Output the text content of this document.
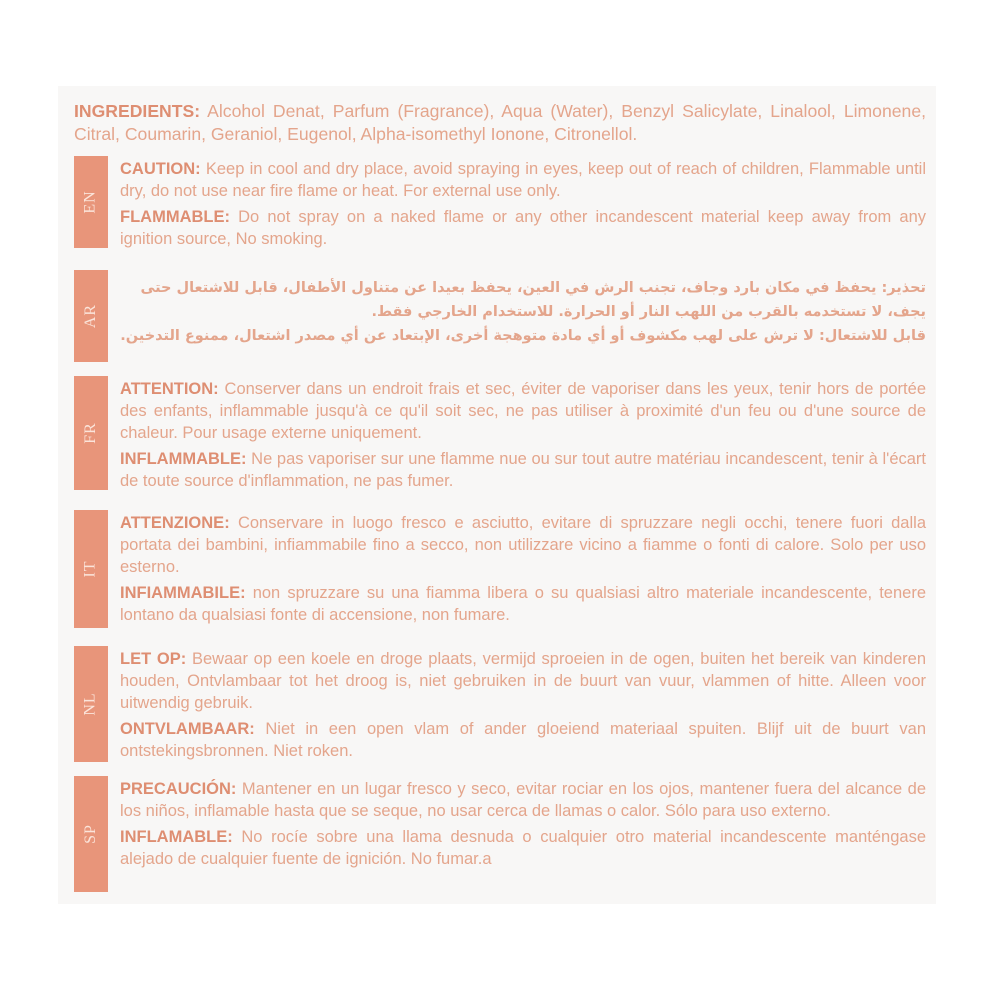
INGREDIENTS: Alcohol Denat, Parfum (Fragrance), Aqua (Water), Benzyl Salicylate, Linalool, Limonene, Citral, Coumarin, Geraniol, Eugenol, Alpha-isomethyl Ionone, Citronellol.
EN

CAUTION: Keep in cool and dry place, avoid spraying in eyes, keep out of reach of children, Flammable until dry, do not use near fire flame or heat. For external use only.

FLAMMABLE: Do not spray on a naked flame or any other incandescent material keep away from any ignition source, No smoking.

AR

تحذير: يحفظ في مكان بارد وجاف، تجنب الرش في العين، يحفظ بعيدا عن متناول الأطفال، قابل للاشتعال حتى يجف، لا تستخدمه بالقرب من اللهب النار أو الحرارة. للاستخدام الخارجي فقط.

قابل للاشتعال: لا ترش على لهب مكشوف أو أي مادة متوهجة أخرى، الإبتعاد عن أي مصدر اشتعال، ممنوع التدخين.

FR

ATTENTION: Conserver dans un endroit frais et sec, éviter de vaporiser dans les yeux, tenir hors de portée des enfants, inflammable jusqu'à ce qu'il soit sec, ne pas utiliser à proximité d'un feu ou d'une source de chaleur. Pour usage externe uniquement.

INFLAMMABLE: Ne pas vaporiser sur une flamme nue ou sur tout autre matériau incandescent, tenir à l'écart de toute source d'inflammation, ne pas fumer.

IT

ATTENZIONE: Conservare in luogo fresco e asciutto, evitare di spruzzare negli occhi, tenere fuori dalla portata dei bambini, infiammabile fino a secco, non utilizzare vicino a fiamme o fonti di calore. Solo per uso esterno.

INFIAMMABILE: non spruzzare su una fiamma libera o su qualsiasi altro materiale incandescente, tenere lontano da qualsiasi fonte di accensione, non fumare.

NL

LET OP: Bewaar op een koele en droge plaats, vermijd sproeien in de ogen, buiten het bereik van kinderen houden, Ontvlambaar tot het droog is, niet gebruiken in de buurt van vuur, vlammen of hitte. Alleen voor uitwendig gebruik.

ONTVLAMBAAR: Niet in een open vlam of ander gloeiend materiaal spuiten. Blijf uit de buurt van ontstekingsbronnen. Niet roken.

SP

PRECAUCIÓN: Mantener en un lugar fresco y seco, evitar rociar en los ojos, mantener fuera del alcance de los niños, inflamable hasta que se seque, no usar cerca de llamas o calor. Sólo para uso externo.

INFLAMABLE: No rocíe sobre una llama desnuda o cualquier otro material incandescente manténgase alejado de cualquier fuente de ignición. No fumar.a
